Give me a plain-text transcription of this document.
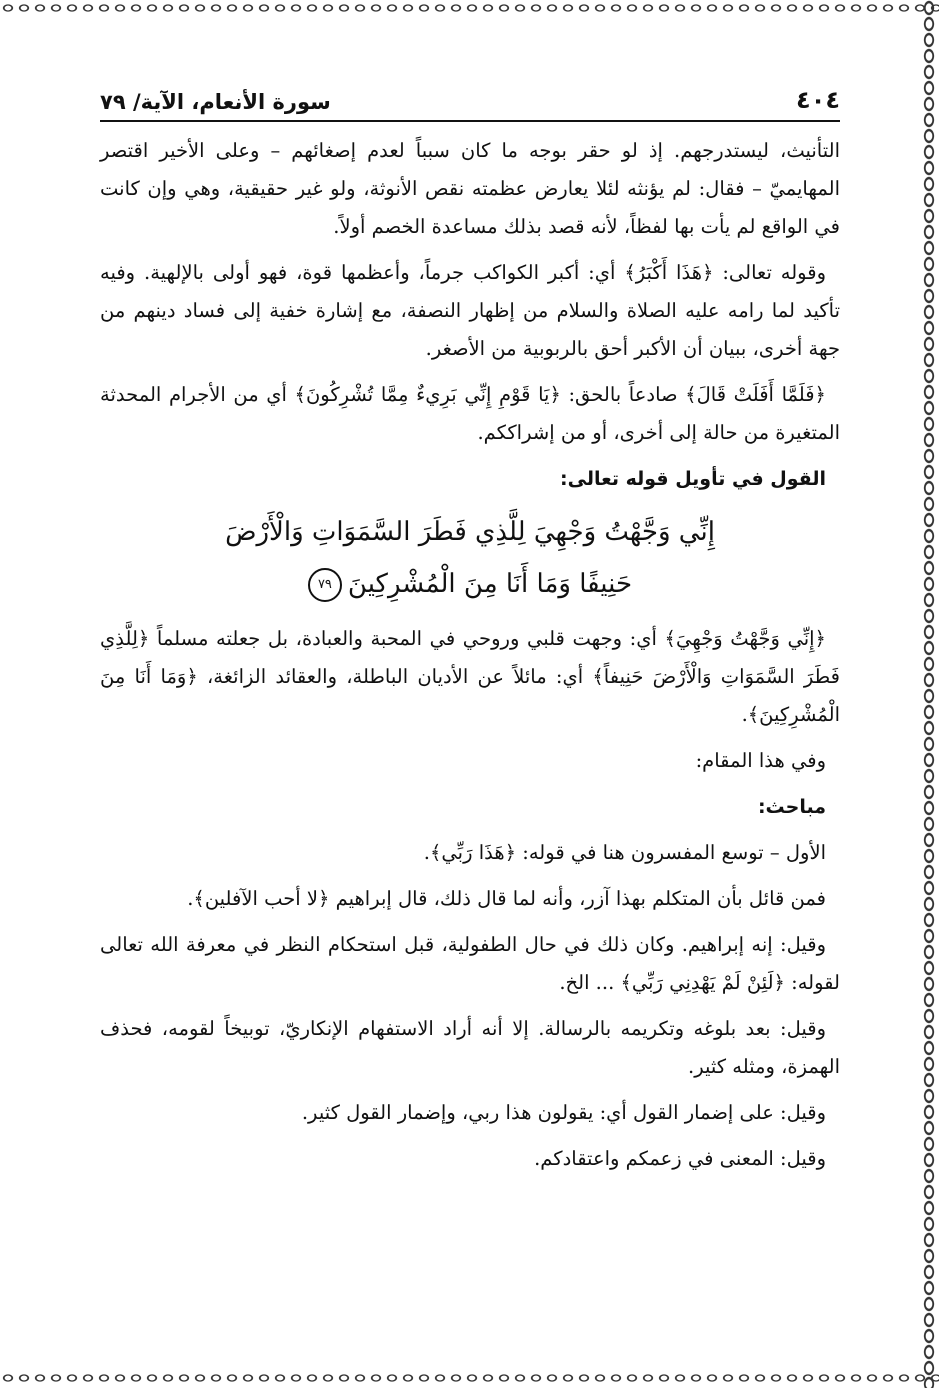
٤٠٤
سورة الأنعام، الآية/ ٧٩

التأنيث، ليستدرجهم. إذ لو حقر بوجه ما كان سبباً لعدم إصغائهم – وعلى الأخير اقتصر المهايميّ – فقال: لم يؤنثه لئلا يعارض عظمته نقص الأنوثة، ولو غير حقيقية، وهي وإن كانت في الواقع لم يأت بها لفظاً، لأنه قصد بذلك مساعدة الخصم أولاً.

وقوله تعالى: ﴿هَذَا أَكْبَرُ﴾ أي: أكبر الكواكب جرماً، وأعظمها قوة، فهو أولى بالإلهية. وفيه تأكيد لما رامه عليه الصلاة والسلام من إظهار النصفة، مع إشارة خفية إلى فساد دينهم من جهة أخرى، ببيان أن الأكبر أحق بالربوبية من الأصغر.

﴿فَلَمَّا أَفَلَتْ قَالَ﴾ صادعاً بالحق: ﴿يَا قَوْمِ إِنِّي بَرِيءٌ مِمَّا تُشْرِكُونَ﴾ أي من الأجرام المحدثة المتغيرة من حالة إلى أخرى، أو من إشراككم.

القول في تأويل قوله تعالى:

إِنِّي وَجَّهْتُ وَجْهِيَ لِلَّذِي فَطَرَ السَّمَوَاتِ وَالْأَرْضَ
حَنِيفًا وَمَا أَنَا مِنَ الْمُشْرِكِينَ٧٩

﴿إِنِّي وَجَّهْتُ وَجْهِيَ﴾ أي: وجهت قلبي وروحي في المحبة والعبادة، بل جعلته مسلماً ﴿لِلَّذِي فَطَرَ السَّمَوَاتِ وَالْأَرْضَ حَنِيفاً﴾ أي: مائلاً عن الأديان الباطلة، والعقائد الزائغة، ﴿وَمَا أَنَا مِنَ الْمُشْرِكِينَ﴾.

وفي هذا المقام:

مباحث:

الأول – توسع المفسرون هنا في قوله: ﴿هَذَا رَبِّي﴾.

فمن قائل بأن المتكلم بهذا آزر، وأنه لما قال ذلك، قال إبراهيم ﴿لا أحب الآفلين﴾.

وقيل: إنه إبراهيم. وكان ذلك في حال الطفولية، قبل استحكام النظر في معرفة الله تعالى لقوله: ﴿لَئِنْ لَمْ يَهْدِنِي رَبِّي﴾ ... الخ.

وقيل: بعد بلوغه وتكريمه بالرسالة. إلا أنه أراد الاستفهام الإنكاريّ، توبيخاً لقومه، فحذف الهمزة، ومثله كثير.

وقيل: على إضمار القول أي: يقولون هذا ربي، وإضمار القول كثير.

وقيل: المعنى في زعمكم واعتقادكم.
